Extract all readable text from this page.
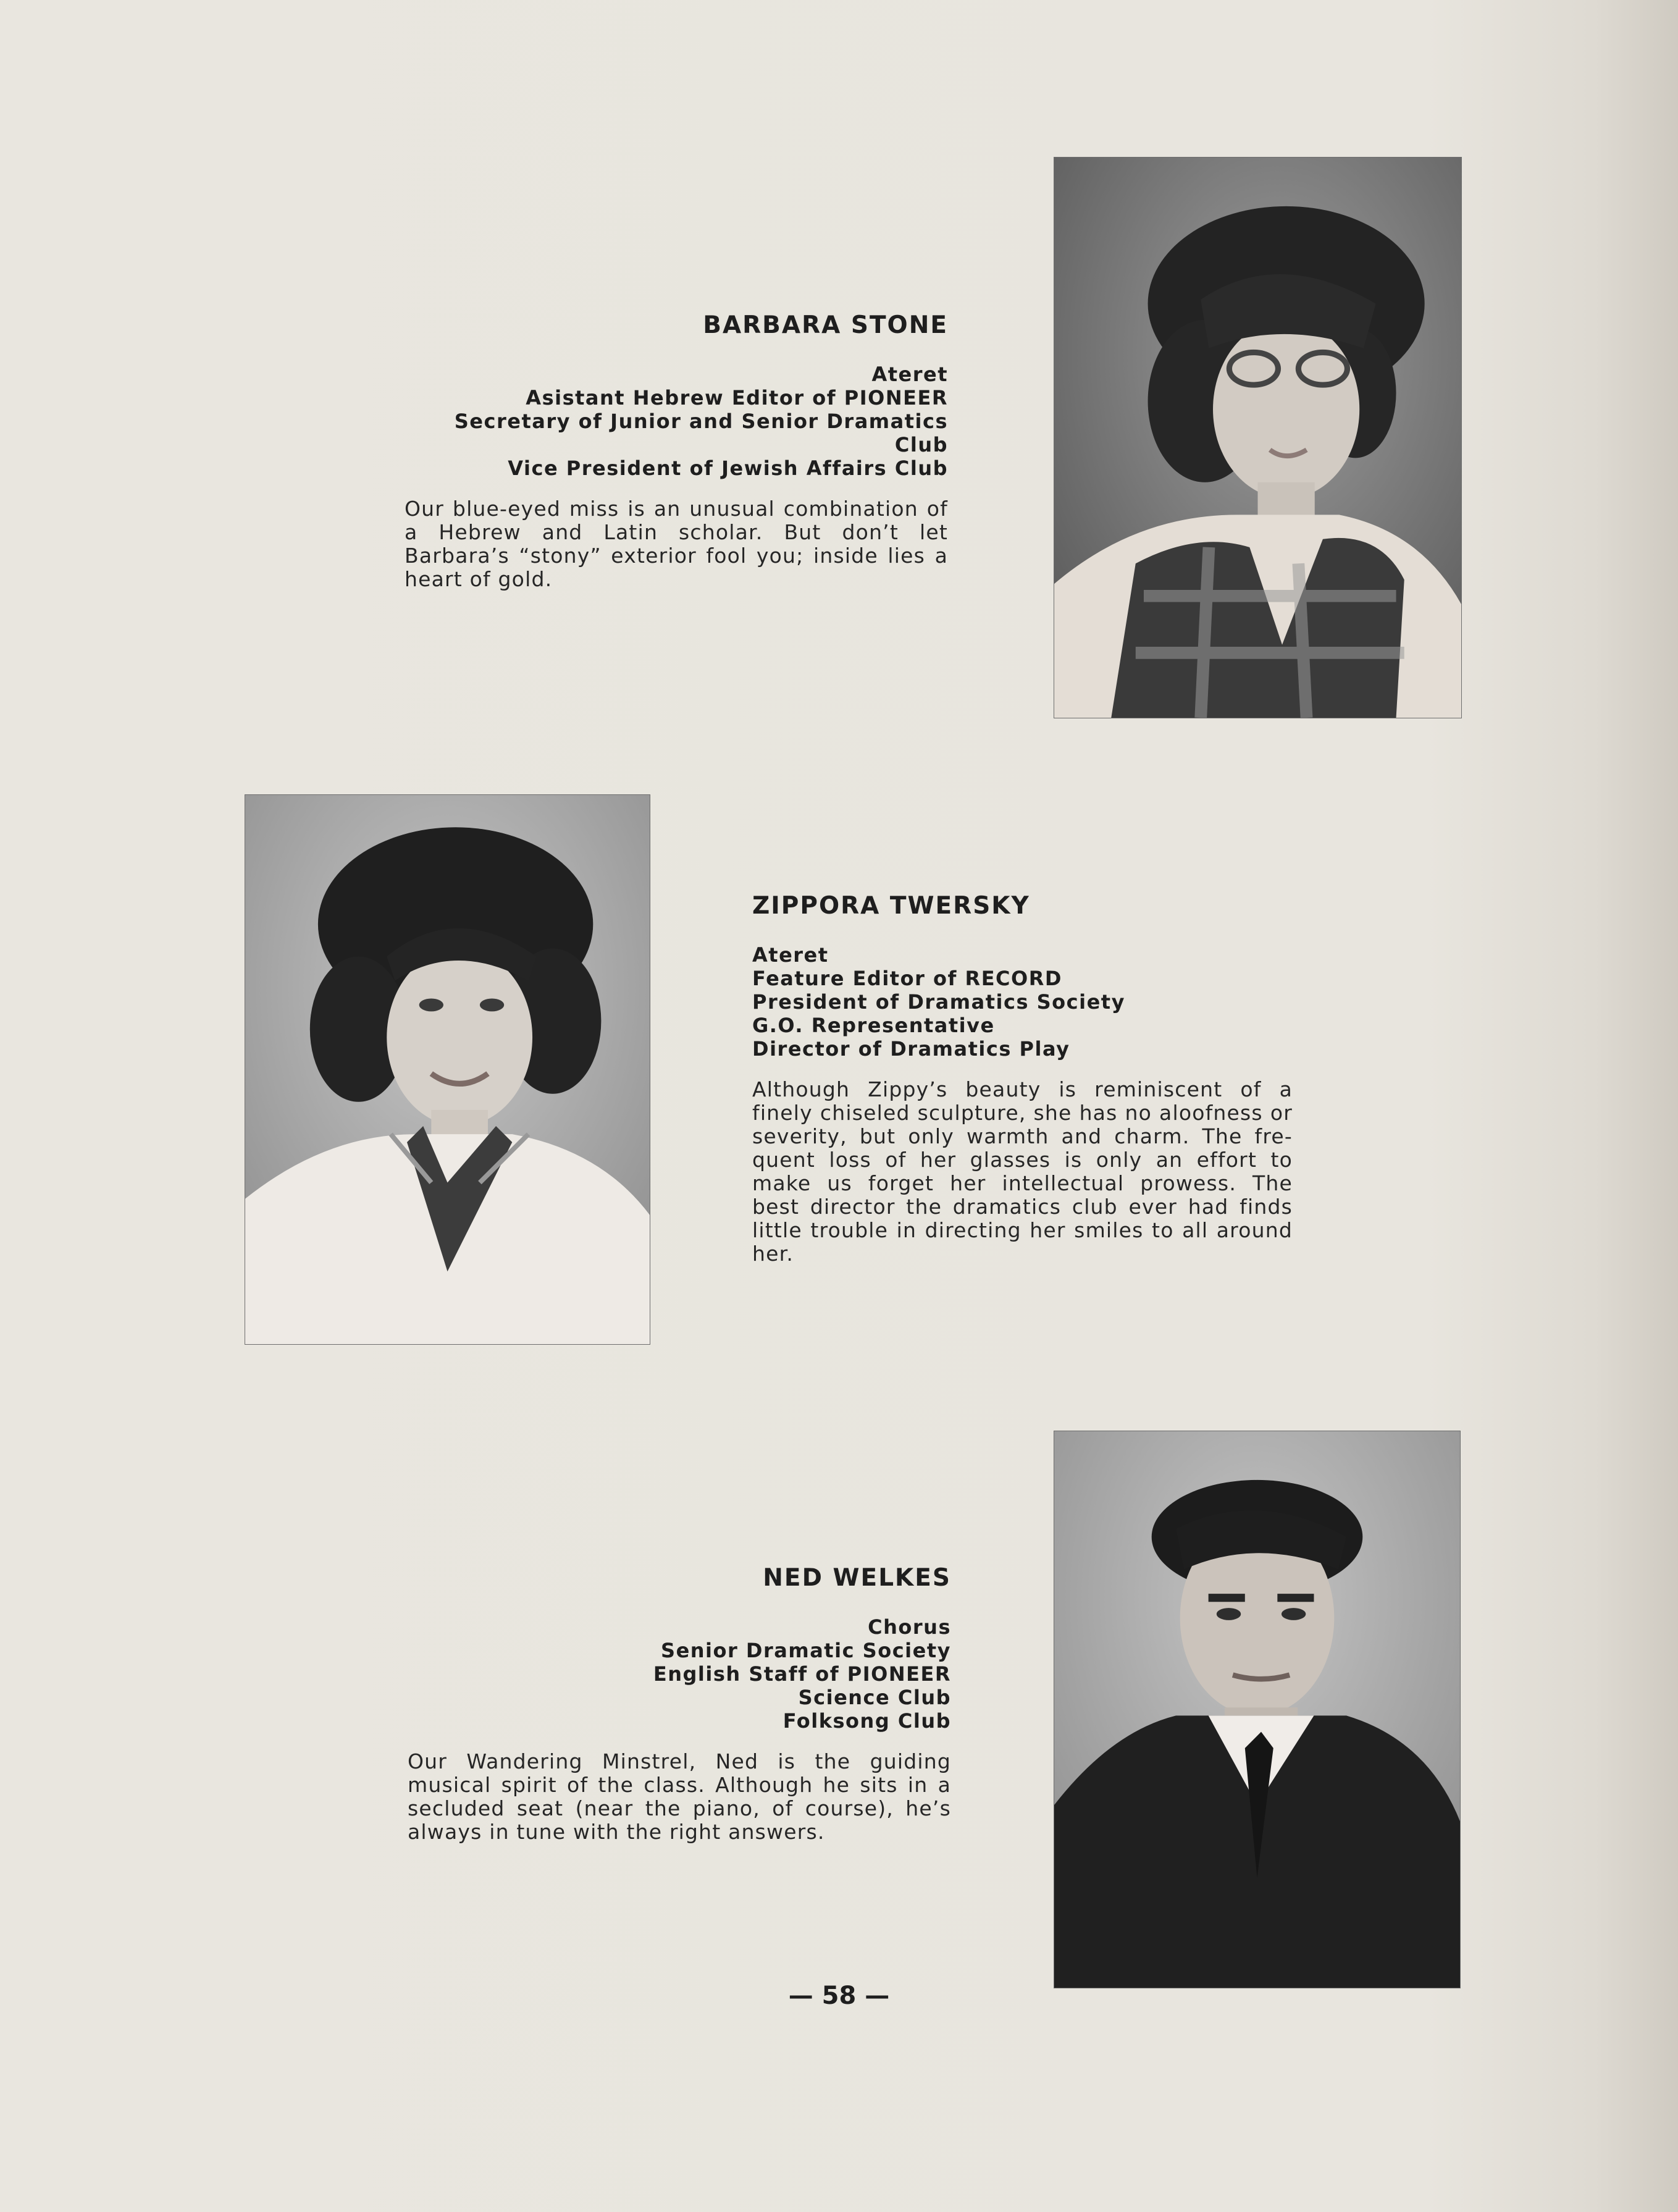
BARBARA STONE
Ateret
Asistant Hebrew Editor of PIONEER
Secretary of Junior and Senior Dramatics Club
Vice President of Jewish Affairs Club

Our blue-eyed miss is an unusual combination of a Hebrew and Latin scholar. But don’t let Barbara’s “stony” exterior fool you; inside lies a heart of gold.

ZIPPORA TWERSKY
Ateret
Feature Editor of RECORD
President of Dramatics Society
G.O. Representative
Director of Dramatics Play

Although Zippy’s beauty is reminiscent of a finely chiseled sculpture, she has no aloofness or severity, but only warmth and charm. The fre-quent loss of her glasses is only an effort to make us forget her intellectual prowess. The best director the dramatics club ever had finds little trouble in directing her smiles to all around her.

NED WELKES
Chorus
Senior Dramatic Society
English Staff of PIONEER
Science Club
Folksong Club

Our Wandering Minstrel, Ned is the guiding musical spirit of the class. Although he sits in a secluded seat (near the piano, of course), he’s always in tune with the right answers.

— 58 —
